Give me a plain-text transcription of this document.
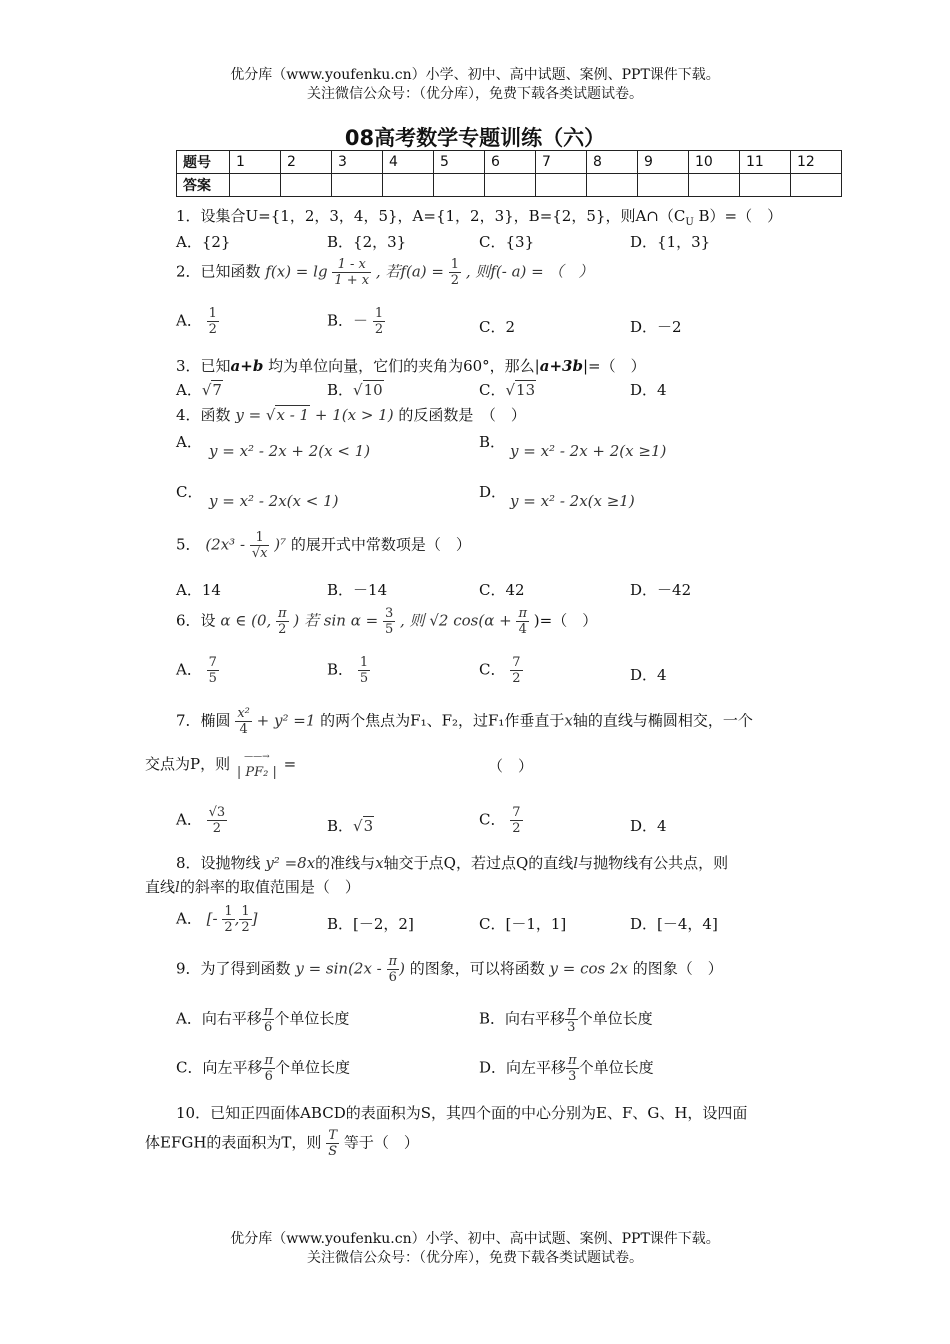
优分库（www.youfenku.cn）小学、初中、高中试题、案例、PPT课件下载。
关注微信公众号：（优分库），免费下载各类试题试卷。
08高考数学专题训练（六）
题号	1	2	3	4	5	6	7	8	9	10	11	12
答案												
1．设集合U={1，2，3，4，5}，A={1，2，3}，B={2，5}，则$A\cap(C_U$ B）=（　）
A．{2}	B．{2，3}	C．{3}	D．{1，3}
2．已知函数 $f(x) = \lg \frac{1 - x}{1 + x}$ , 若$f(a) = \frac{1}{2}$ , 则f(- a) = （　）
A． $\frac{1}{2}$	B．－ $\frac{1}{2}$	C．2	D．－2
3．已知a+b 均为单位向量，它们的夹角为60°，那么|a+3b|=（　）
A．√7	B．√10	C．√13	D．4
4．函数 y = √x - 1 + 1(x > 1) 的反函数是　（　）
A． y = x² - 2x + 2(x < 1)	B． y = x² - 2x + 2(x ≥1)
C． y = x² - 2x(x < 1)	D． y = x² - 2x(x ≥1)
5． $(2x^3 - \frac{1}{√x} )^7$ 的展开式中常数项是（　）
A．14	B．－14	C．42	D．－42
6．设 α ∈ (0, $\frac{\pi}{2}$ ) 若 $\sin \alpha = \frac{3}{5}$ , 则 √2 $\cos(\alpha + \frac{\pi}{4}$ )=（　）
A． $\frac{7}{5}$	B． $\frac{1}{5}$	C． $\frac{7}{2}$	D．4
7．椭圆 $\frac{\text{x²}}{4} + y^2 =1$ 的两个焦点为F₁、F₂，过F₁作垂直于x轴的直线与椭圆相交，一个
交点为P，则	——→
| PF₂ | =	（　）
A． $\frac{√3}{2}$	B．√3	C． $\frac{7}{2}$	D．4
8．设抛物线 y² =8x的准线与x轴交于点Q，若过点Q的直线l与抛物线有公共点，则
直线l的斜率的取值范围是（　）
A． [- $\frac{1}{2}$ , $\frac{1}{2}$ ]	B．[－2，2]	C．[－1，1]	D．[－4，4]
9．为了得到函数 $y = \sin(2x - \frac{\pi}{6}$ ) 的图象，可以将函数 y = cos 2x 的图象（　）
A．向右平移 $\frac{\pi}{6}$ 个单位长度	B．向右平移 $\frac{\pi}{3}$ 个单位长度
C．向左平移 $\frac{\pi}{6}$ 个单位长度	D．向左平移 $\frac{\pi}{3}$ 个单位长度
10．已知正四面体ABCD的表面积为S，其四个面的中心分别为E、F、G、H，设四面
体EFGH的表面积为T，则 $\frac{T}{S}$ 等于（　）
优分库（www.youfenku.cn）小学、初中、高中试题、案例、PPT课件下载。
关注微信公众号：（优分库），免费下载各类试题试卷。
